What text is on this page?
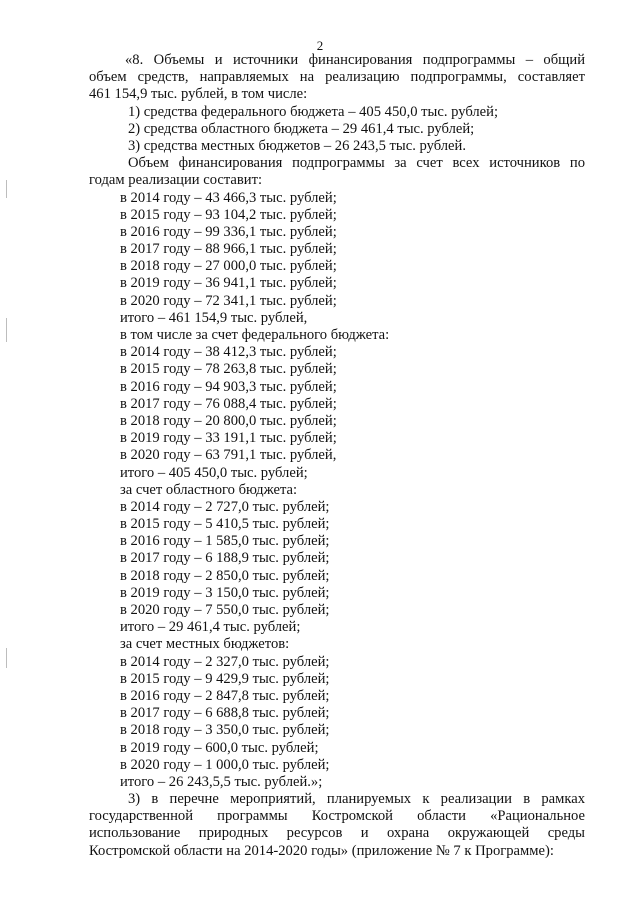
2
«8. Объемы и источники финансирования подпрограммы – общий
объем средств, направляемых на реализацию подпрограммы, составляет
461 154,9 тыс. рублей, в том числе:
1) средства федерального бюджета – 405 450,0 тыс. рублей;
2) средства областного бюджета – 29 461,4 тыс. рублей;
3) средства местных бюджетов – 26 243,5 тыс. рублей.
Объем финансирования подпрограммы за счет всех источников по
годам реализации составит:
в 2014 году – 43 466,3 тыс. рублей;
в 2015 году – 93 104,2 тыс. рублей;
в 2016 году – 99 336,1 тыс. рублей;
в 2017 году – 88 966,1 тыс. рублей;
в 2018 году – 27 000,0 тыс. рублей;
в 2019 году – 36 941,1 тыс. рублей;
в 2020 году – 72 341,1 тыс. рублей;
итого – 461 154,9 тыс. рублей,
в том числе за счет федерального бюджета:
в 2014 году – 38 412,3 тыс. рублей;
в 2015 году – 78 263,8 тыс. рублей;
в 2016 году – 94 903,3 тыс. рублей;
в 2017 году – 76 088,4 тыс. рублей;
в 2018 году – 20 800,0 тыс. рублей;
в 2019 году – 33 191,1 тыс. рублей;
в 2020 году – 63 791,1 тыс. рублей,
итого – 405 450,0 тыс. рублей;
за счет областного бюджета:
в 2014 году – 2 727,0 тыс. рублей;
в 2015 году – 5 410,5 тыс. рублей;
в 2016 году – 1 585,0 тыс. рублей;
в 2017 году – 6 188,9 тыс. рублей;
в 2018 году – 2 850,0 тыс. рублей;
в 2019 году – 3 150,0 тыс. рублей;
в 2020 году – 7 550,0 тыс. рублей;
итого – 29 461,4 тыс. рублей;
за счет местных бюджетов:
в 2014 году – 2 327,0 тыс. рублей;
в 2015 году – 9 429,9 тыс. рублей;
в 2016 году – 2 847,8 тыс. рублей;
в 2017 году – 6 688,8 тыс. рублей;
в 2018 году – 3 350,0 тыс. рублей;
в 2019 году – 600,0 тыс. рублей;
в 2020 году – 1 000,0 тыс. рублей;
итого – 26 243,5,5 тыс. рублей.»;
3) в перечне мероприятий, планируемых к реализации в рамках
государственной программы Костромской области «Рациональное
использование природных ресурсов и охрана окружающей среды
Костромской области на 2014-2020 годы» (приложение № 7 к Программе):
